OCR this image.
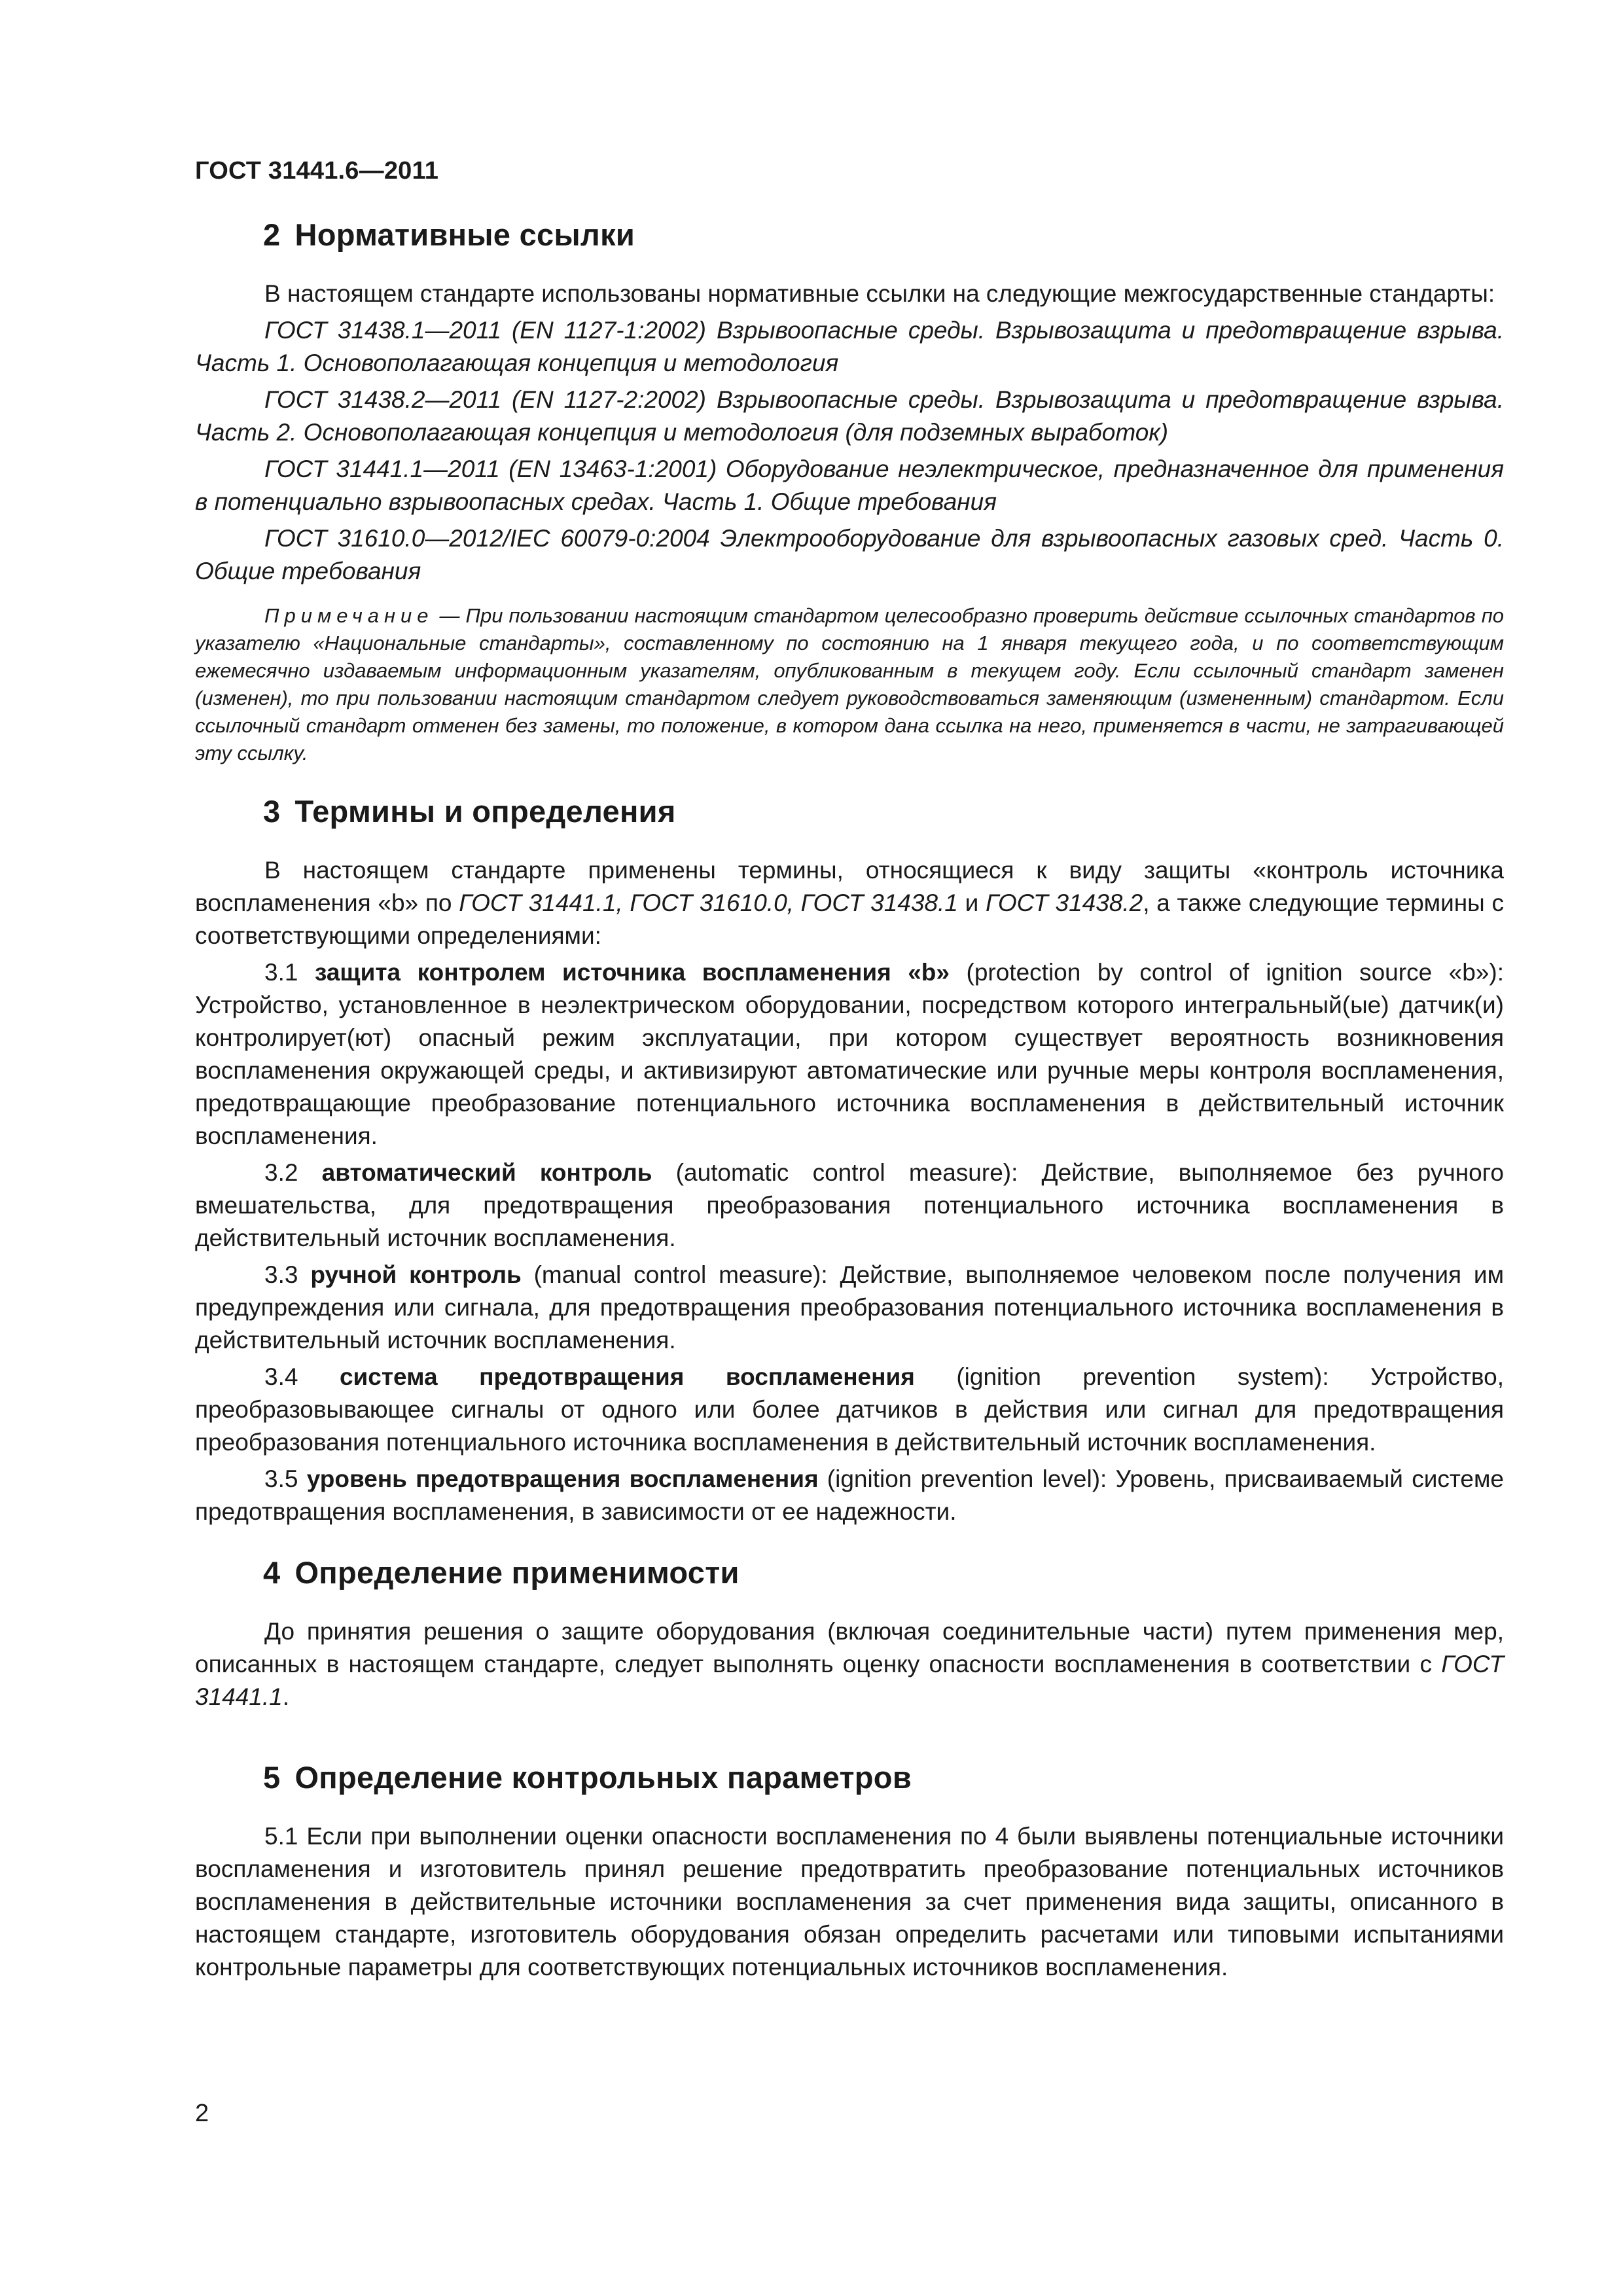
ГОСТ 31441.6—2011
2 Нормативные ссылки

В настоящем стандарте использованы нормативные ссылки на следующие межгосударственные стандарты:

ГОСТ 31438.1—2011 (EN 1127-1:2002) Взрывоопасные среды. Взрывозащита и предотвращение взрыва. Часть 1. Основополагающая концепция и методология

ГОСТ 31438.2—2011 (EN 1127-2:2002) Взрывоопасные среды. Взрывозащита и предотвращение взрыва. Часть 2. Основополагающая концепция и методология (для подземных выработок)

ГОСТ 31441.1—2011 (EN 13463-1:2001) Оборудование неэлектрическое, предназначенное для применения в потенциально взрывоопасных средах. Часть 1. Общие требования

ГОСТ 31610.0—2012/IEC 60079-0:2004 Электрооборудование для взрывоопасных газовых сред. Часть 0. Общие требования

Примечание — При пользовании настоящим стандартом целесообразно проверить действие ссылочных стандартов по указателю «Национальные стандарты», составленному по состоянию на 1 января текущего года, и по соответствующим ежемесячно издаваемым информационным указателям, опубликованным в текущем году. Если ссылочный стандарт заменен (изменен), то при пользовании настоящим стандартом следует руководствоваться заменяющим (измененным) стандартом. Если ссылочный стандарт отменен без замены, то положение, в котором дана ссылка на него, применяется в части, не затрагивающей эту ссылку.

3 Термины и определения

В настоящем стандарте применены термины, относящиеся к виду защиты «контроль источника воспламенения «b» по ГОСТ 31441.1, ГОСТ 31610.0, ГОСТ 31438.1 и ГОСТ 31438.2, а также следующие термины с соответствующими определениями:

3.1 защита контролем источника воспламенения «b» (protection by control of ignition source «b»): Устройство, установленное в неэлектрическом оборудовании, посредством которого интегральный(ые) датчик(и) контролирует(ют) опасный режим эксплуатации, при котором существует вероятность возникновения воспламенения окружающей среды, и активизируют автоматические или ручные меры контроля воспламенения, предотвращающие преобразование потенциального источника воспламенения в действительный источник воспламенения.

3.2 автоматический контроль (automatic control measure): Действие, выполняемое без ручного вмешательства, для предотвращения преобразования потенциального источника воспламенения в действительный источник воспламенения.

3.3 ручной контроль (manual control measure): Действие, выполняемое человеком после получения им предупреждения или сигнала, для предотвращения преобразования потенциального источника воспламенения в действительный источник воспламенения.

3.4 система предотвращения воспламенения (ignition prevention system): Устройство, преобразовывающее сигналы от одного или более датчиков в действия или сигнал для предотвращения преобразования потенциального источника воспламенения в действительный источник воспламенения.

3.5 уровень предотвращения воспламенения (ignition prevention level): Уровень, присваиваемый системе предотвращения воспламенения, в зависимости от ее надежности.

4 Определение применимости

До принятия решения о защите оборудования (включая соединительные части) путем применения мер, описанных в настоящем стандарте, следует выполнять оценку опасности воспламенения в соответствии с ГОСТ 31441.1.

5 Определение контрольных параметров

5.1 Если при выполнении оценки опасности воспламенения по 4 были выявлены потенциальные источники воспламенения и изготовитель принял решение предотвратить преобразование потенциальных источников воспламенения в действительные источники воспламенения за счет применения вида защиты, описанного в настоящем стандарте, изготовитель оборудования обязан определить расчетами или типовыми испытаниями контрольные параметры для соответствующих потенциальных источников воспламенения.

2
